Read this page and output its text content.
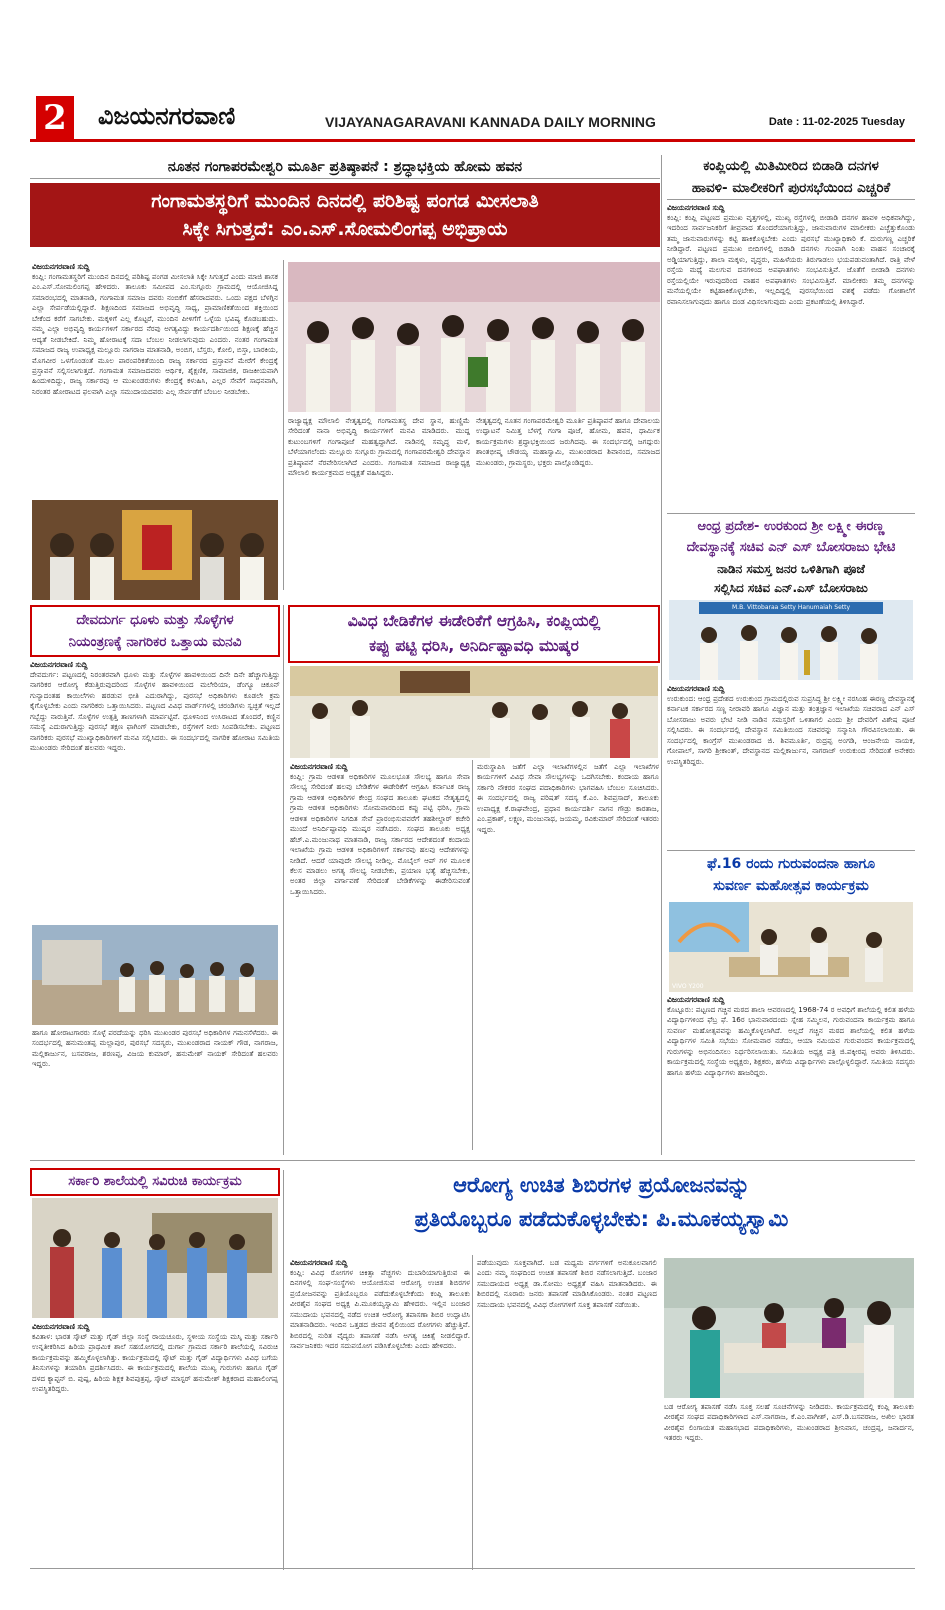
2 ವಿಜಯನಗರವಾಣಿ	VIJAYANAGARAVANI KANNADA DAILY MORNING	Date : 11-02-2025 Tuesday
ನೂತನ ಗಂಗಾಪರಮೇಶ್ವರಿ ಮೂರ್ತಿ ಪ್ರತಿಷ್ಠಾಪನೆ : ಶ್ರದ್ಧಾಭಕ್ತಿಯ ಹೋಮ ಹವನ
ಗಂಗಾಮತಸ್ಥರಿಗೆ ಮುಂದಿನ ದಿನದಲ್ಲಿ ಪರಿಶಿಷ್ಟ ಪಂಗಡ ಮೀಸಲಾತಿ
ಸಿಕ್ಕೇ ಸಿಗುತ್ತದೆ: ಎಂ.ಎಸ್.ಸೋಮಲಿಂಗಪ್ಪ ಅಭಿಪ್ರಾಯ
ವಿಜಯನಗರವಾಣಿ ಸುದ್ದಿ
ಕಂಪ್ಲಿ: ಗಂಗಾಮತಸ್ಥರಿಗೆ ಮುಂದಿನ ದಿನದಲ್ಲಿ ಪರಿಶಿಷ್ಟ ಪಂಗಡ ಮೀಸಲಾತಿ ಸಿಕ್ಕೇ ಸಿಗುತ್ತದೆ ಎಂದು ಮಾಜಿ ಶಾಸಕ ಎಂ.ಎಸ್.ಸೋಮಲಿಂಗಪ್ಪ ಹೇಳಿದರು. ತಾಲೂಕು ಸಮೀಪದ ಎಂ.ಸುಗ್ಗೂರು ಗ್ರಾಮದಲ್ಲಿ ಆಯೋಜಿಸಿದ್ದ ಸಮಾರಂಭದಲ್ಲಿ ಮಾತನಾಡಿ, ಗಂಗಾಮತ ಸಮಾಜ ದವರು ನಂಬಿಕೆಗೆ ಹೆಸರಾದವರು. ಒಂದು ಪಕ್ಷದ ಬೆಳಗ್ಗಿನ ಎಲ್ಲಾ ಸೇರ್ಪಡೆಯಲ್ಲಿದ್ದಾರೆ. ಶಿಕ್ಷಣದಿಂದ ಸಮಾಜದ ಅಭಿವೃದ್ಧಿ ಸಾಧ್ಯ, ಪ್ರಾಮಾಣಿಕತೆಯಿಂದ ಶಕ್ತಿಯಿಂದ ಬೇಕೆಂದ ಕರೆಗೆ ಸಾಗಬೇಕು. ಮಕ್ಕಳಿಗೆ ಎಲ್ಲ ಕೊಟ್ಟರೆ, ಮುಂದಿನ ಪೀಳಿಗೆಗೆ ಒಳ್ಳೆಯ ಭವಿಷ್ಯ ಕೊಡಬಹುದು. ನಮ್ಮ ಎಲ್ಲಾ ಅಭಿವೃದ್ಧಿ ಕಾರ್ಯಗಳಿಗೆ ಸರ್ಕಾರದ ನೆರವು ಅಗತ್ಯವಿದ್ದು ಕಾರ್ಯದರ್ಶಿಯಿಂದ ಶಿಕ್ಷಣಕ್ಕೆ ಹೆಚ್ಚಿನ ಆದ್ಯತೆ ನೀಡಬೇಕಿದೆ. ನಿಮ್ಮ ಹೋರಾಟಕ್ಕೆ ಸದಾ ಬೆಂಬಲ ನೀಡಲಾಗುವುದು ಎಂದರು. ನಂತರ ಗಂಗಾಮತ ಸಮಾಜದ ರಾಜ್ಯ ಉಪಾಧ್ಯಕ್ಷ ಮಲ್ಲೂರು ನಾಗರಾಜ ಮಾತನಾಡಿ, ಅಂಬಿಗ, ಬೆಸ್ತರು, ಕೋಲಿ, ಬಿಸ್ತಾ, ಬಾರಕಿಯ, ಮೊಗವೀರ ಒಳಗೊಂಡಂತೆ ಮೂಲ ಪಾರಂಪರಿಕತೆಯಿಂದಿ ರಾಜ್ಯ ಸರ್ಕಾರದ ಪ್ರಸ್ತಾವನೆ ಮೇರೆಗೆ ಕೇಂದ್ರಕ್ಕೆ ಪ್ರಸ್ತಾವನೆ ಸಲ್ಲಿಸಲಾಗುತ್ತದೆ. ಗಂಗಾಮತ ಸಮಾಜದವರು ಆರ್ಥಿಕ, ಶೈಕ್ಷಣಿಕ, ಸಾಮಾಜಿಕ, ರಾಜಕೀಯವಾಗಿ ಹಿಂದುಳಿದಿದ್ದು, ರಾಜ್ಯ ಸರ್ಕಾರವು ಆ ಮುಖಂಡರುಗಳು ಕೇಂದ್ರಕ್ಕೆ ಕಳುಹಿಸಿ, ಎಲ್ಲರ ಸೇವೆಗೆ ಸಾಧನವಾಗಿ, ನಿರಂತರ ಹೋರಾಟದ ಫಲವಾಗಿ ಎಲ್ಲಾ ಸಮುದಾಯದವರು ಎಲ್ಲ ಸೇರ್ಪಡೆಗೆ ಬೆಂಬಲ ನೀಡಬೇಕು.
ರಾಜ್ಯಾಧ್ಯಕ್ಷ ಮೌಲಾಲಿ ನೇತೃತ್ವದಲ್ಲಿ ಗಂಗಾಮತಸ್ಥ ದೇವ ಸ್ಥಾನ, ಹುಣ್ಣಿಮೆ ಸೇರಿದಂತೆ ನಾನಾ ಅಭಿವೃದ್ಧಿ ಕಾರ್ಯಗಳಿಗೆ ಮನವಿ ಮಾಡಿದರು. ಮುದ್ದ ಕುಟುಂಬಗಳಿಗೆ ಗಂಗಾಪೂಜೆ ಮಹತ್ವದ್ದಾಗಿದೆ. ನಾಡಿನಲ್ಲಿ ಸಮೃದ್ಧ ಮಳೆ, ಬೆಳೆಯಾಗಲೆಂದು ಮಲ್ಲೂರು ಸುಗ್ಗೂರು ಗ್ರಾಮದಲ್ಲಿ ಗಂಗಾಪರಮೇಶ್ವರಿ ದೇವಸ್ಥಾನ ಪ್ರತಿಷ್ಠಾಪನೆ ನೆರವೇರಿಸಲಾಗಿದೆ ಎಂದರು. ಗಂಗಾಮತ ಸಮಾಜದ ರಾಜ್ಯಾಧ್ಯಕ್ಷ ಮೌಲಾಲಿ ಕಾರ್ಯಕ್ರಮದ ಅಧ್ಯಕ್ಷತೆ ವಹಿಸಿದ್ದರು.
ನೇತೃತ್ವದಲ್ಲಿ ನೂತನ ಗಂಗಾಪರಮೇಶ್ವರಿ ಮೂರ್ತಿ ಪ್ರತಿಷ್ಠಾಪನೆ ಹಾಗೂ ದೇವಾಲಯ ಉದ್ಘಾಟನೆ ನಿಮಿತ್ತ ಬೆಳಗ್ಗೆ ಗಂಗಾ ಪೂಜೆ, ಹೋಮ, ಹವನ, ಧಾರ್ಮಿಕ ಕಾರ್ಯಕ್ರಮಗಳು ಶ್ರದ್ಧಾಭಕ್ತಿಯಿಂದ ಜರುಗಿದವು. ಈ ಸಂದರ್ಭದಲ್ಲಿ ಜಗದ್ಗುರು ಶಾಂತಭೀಷ್ಮ ಚೌಡಯ್ಯ ಮಹಾಸ್ವಾಮಿ, ಮುಖಂಡರಾದ ಶಿವಾನಂದ, ಸಮಾಜದ ಮುಖಂಡರು, ಗ್ರಾಮಸ್ಥರು, ಭಕ್ತರು ಪಾಲ್ಗೊಂಡಿದ್ದರು.
ಕಂಪ್ಲಿಯಲ್ಲಿ ಮಿತಿಮೀರಿದ ಬಿಡಾಡಿ ದನಗಳ
ಹಾವಳಿ- ಮಾಲೀಕರಿಗೆ ಪುರಸಭೆಯಿಂದ ಎಚ್ಚರಿಕೆ
ವಿಜಯನಗರವಾಣಿ ಸುದ್ದಿ
ಕಂಪ್ಲಿ: ಕಂಪ್ಲಿ ಪಟ್ಟಣದ ಪ್ರಮುಖ ವೃತ್ತಗಳಲ್ಲಿ, ಮುಖ್ಯ ರಸ್ತೆಗಳಲ್ಲಿ ಬೀಡಾಡಿ ದನಗಳ ಹಾವಳಿ ಅಧಿಕವಾಗಿದ್ದು, ಇದರಿಂದ ಸಾರ್ವಜನಿಕರಿಗೆ ತೀವ್ರವಾದ ತೊಂದರೆಯಾಗುತ್ತಿದ್ದು, ಜಾನುವಾರುಗಳ ಮಾಲೀಕರು ಎಚ್ಚೆತ್ತುಕೊಂಡು ತಮ್ಮ ಜಾನುವಾರುಗಳನ್ನು ಕಟ್ಟಿ ಹಾಕಿಕೊಳ್ಳಬೇಕು ಎಂದು ಪುರಸಭೆ ಮುಖ್ಯಾಧಿಕಾರಿ ಕೆ. ದುರುಗಣ್ಣ ಎಚ್ಚರಿಕೆ ನೀಡಿದ್ದಾರೆ. ಪಟ್ಟಣದ ಪ್ರಮುಖ ಬೀದಿಗಳಲ್ಲಿ ಬಿಡಾಡಿ ದನಗಳು ಗುಂಪಾಗಿ ನಿಂತು ವಾಹನ ಸಂಚಾರಕ್ಕೆ ಅಡ್ಡಿಯಾಗುತ್ತಿದ್ದು, ಶಾಲಾ ಮಕ್ಕಳು, ವೃದ್ಧರು, ಮಹಿಳೆಯರು ತಿರುಗಾಡಲು ಭಯಪಡುವಂತಾಗಿದೆ. ರಾತ್ರಿ ವೇಳೆ ರಸ್ತೆಯ ಮಧ್ಯೆ ಮಲಗುವ ದನಗಳಿಂದ ಅಪಘಾತಗಳು ಸಂಭವಿಸುತ್ತಿವೆ. ಜೊತೆಗೆ ಬೀಡಾಡಿ ದನಗಳು ರಸ್ತೆಯಲ್ಲಿಯೇ ಇರುವುದರಿಂದ ವಾಹನ ಅಪಘಾತಗಳು ಸಂಭವಿಸುತ್ತಿವೆ. ಮಾಲೀಕರು ತಮ್ಮ ದನಗಳನ್ನು ಮನೆಯಲ್ಲಿಯೇ ಕಟ್ಟಿಹಾಕಿಕೊಳ್ಳಬೇಕು, ಇಲ್ಲದಿದ್ದಲ್ಲಿ ಪುರಸಭೆಯಿಂದ ವಶಕ್ಕೆ ಪಡೆದು ಗೋಶಾಲೆಗೆ ರವಾನಿಸಲಾಗುವುದು ಹಾಗೂ ದಂಡ ವಿಧಿಸಲಾಗುವುದು ಎಂದು ಪ್ರಕಟಣೆಯಲ್ಲಿ ತಿಳಿಸಿದ್ದಾರೆ.
ಆಂಧ್ರ ಪ್ರದೇಶ- ಉರಕುಂದ ಶ್ರೀ ಲಕ್ಷ್ಮೀ ಈರಣ್ಣ
ದೇವಸ್ಥಾನಕ್ಕೆ ಸಚಿವ ಎನ್ ಎಸ್ ಬೋಸರಾಜು ಭೇಟಿ
ನಾಡಿನ ಸಮಸ್ತ ಜನರ ಒಳಿತಿಗಾಗಿ ಪೂಜೆ
ಸಲ್ಲಿಸಿದ ಸಚಿವ ಎನ್.ಎಸ್ ಬೋಸರಾಜು
M.B. Vittobaraa Setty Hanumaiah Setty
ವಿಜಯನಗರವಾಣಿ ಸುದ್ದಿ
ಉರುಕುಂದ: ಆಂಧ್ರ ಪ್ರದೇಶದ ಉರುಕುಂದ ಗ್ರಾಮದಲ್ಲಿರುವ ಸುಪ್ರಸಿದ್ಧ ಶ್ರೀ ಲಕ್ಷ್ಮೀ ನರಸಿಂಹ ಈರಣ್ಣ ದೇವಸ್ಥಾನಕ್ಕೆ ಕರ್ನಾಟಕ ಸರ್ಕಾರದ ಸಣ್ಣ ನೀರಾವರಿ ಹಾಗೂ ವಿಜ್ಞಾನ ಮತ್ತು ತಂತ್ರಜ್ಞಾನ ಇಲಾಖೆಯ ಸಚಿವರಾದ ಎನ್ ಎಸ್ ಬೋಸರಾಜು ಅವರು ಭೇಟಿ ನೀಡಿ ನಾಡಿನ ಸಮಸ್ತರಿಗೆ ಒಳಿತಾಗಲಿ ಎಂದು ಶ್ರೀ ದೇವರಿಗೆ ವಿಶೇಷ ಪೂಜೆ ಸಲ್ಲಿಸಿದರು. ಈ ಸಂದರ್ಭದಲ್ಲಿ ದೇವಸ್ಥಾನ ಸಮಿತಿಯಿಂದ ಸಚಿವರನ್ನು ಸನ್ಮಾನಿಸಿ ಗೌರವಿಸಲಾಯಿತು. ಈ ಸಂದರ್ಭದಲ್ಲಿ ಕಾಂಗ್ರೆಸ್ ಮುಖಂಡರಾದ ಜಿ. ಶಿವಮೂರ್ತಿ, ರುದ್ರಪ್ಪ ಅಂಗಡಿ, ಆಂಜನೇಯ ನಾಯಕ, ಗೋಪಾಲ್, ಸಾಗರಿ ಶ್ರೀಕಾಂತ್, ದೇವಸ್ಥಾನದ ಮಲ್ಲಿಕಾರ್ಜುನ, ನಾಗರಾಜ್ ಉರುಕುಂದ ಸೇರಿದಂತೆ ಅನೇಕರು ಉಪಸ್ಥಿತರಿದ್ದರು.
ಫೆ.16 ರಂದು ಗುರುವಂದನಾ ಹಾಗೂ
ಸುವರ್ಣ ಮಹೋತ್ಸವ ಕಾರ್ಯಕ್ರಮ
VIVO Y200
ವಿಜಯನಗರವಾಣಿ ಸುದ್ದಿ
ಕೊಟ್ಟೂರು: ಪಟ್ಟಣದ ಗಚ್ಚಿನ ಮಠದ ಶಾಲಾ ಆವರಣದಲ್ಲಿ 1968-74 ರ ಅವಧಿಗೆ ಶಾಲೆಯಲ್ಲಿ ಕಲಿತ ಹಳೆಯ ವಿದ್ಯಾರ್ಥಿಗಳಿಂದ ಫೆಬ್ರ ಫೆ. 16ರ ಭಾನುವಾರದಂದು ಸ್ನೇಹ ಸಮ್ಮಿಲನ, ಗುರುವಂದನಾ ಕಾರ್ಯಕ್ರಮ ಹಾಗೂ ಸುವರ್ಣ ಮಹೋತ್ಸವವನ್ನು ಹಮ್ಮಿಕೊಳ್ಳಲಾಗಿದೆ. ಅಲ್ಲದೆ ಗಚ್ಚಿನ ಮಠದ ಶಾಲೆಯಲ್ಲಿ ಕಲಿತ ಹಳೆಯ ವಿದ್ಯಾರ್ಥಿಗಳ ಸಮಿತಿ ಸಭೆಯು ಸೋಮವಾರ ನಡೆದು, ಆಯಾ ನಮಿಯವ ಗುರುವಂದನ ಕಾರ್ಯಕ್ರಮದಲ್ಲಿ ಗುರುಗಳನ್ನು ಅಭಿನಂದಿಸಲು ನಿರ್ಧರಿಸಲಾಯಿತು. ಸಮಿತಿಯ ಅಧ್ಯಕ್ಷ ಪತ್ರಿ ಜಿ.ಪಕ್ಕೀರಪ್ಪ ಅವರು ತಿಳಿಸಿದರು. ಕಾರ್ಯಕ್ರಮದಲ್ಲಿ ಸಂಸ್ಥೆಯ ಅಧ್ಯಕ್ಷರು, ಶಿಕ್ಷಕರು, ಹಳೆಯ ವಿದ್ಯಾರ್ಥಿಗಳು ಪಾಲ್ಗೊಳ್ಳಲಿದ್ದಾರೆ. ಸಮಿತಿಯ ಸದಸ್ಯರು ಹಾಗೂ ಹಳೆಯ ವಿದ್ಯಾರ್ಥಿಗಳು ಹಾಜರಿದ್ದರು.
ದೇವದುರ್ಗ ಧೂಳು ಮತ್ತು ಸೊಳ್ಳೆಗಳ
ನಿಯಂತ್ರಣಕ್ಕೆ ನಾಗರಿಕರ ಒತ್ತಾಯ ಮನವಿ
ವಿಜಯನಗರವಾಣಿ ಸುದ್ದಿ
ದೇವದುರ್ಗ: ಪಟ್ಟಣದಲ್ಲಿ ನಿರಂತರವಾಗಿ ಧೂಳು ಮತ್ತು ಸೊಳ್ಳೆಗಳ ಹಾವಳಿಯಿಂದ ದಿನೇ ದಿನೇ ಹೆಚ್ಚಾಗುತ್ತಿದ್ದು ನಾಗರಿಕರ ಆರೋಗ್ಯ ಕೆಡುತ್ತಿರುವುದರಿಂದ ಸೊಳ್ಳೆಗಳ ಹಾವಳಿಯಿಂದ ಮಲೇರಿಯಾ, ಡೆಂಗ್ಯೂ ಚಿಕೂನ್ ಗುನ್ಯಾದಂತಹ ಕಾಯಿಲೆಗಳು ಹರಡುವ ಭೀತಿ ಎದುರಾಗಿದ್ದು, ಪುರಸಭೆ ಅಧಿಕಾರಿಗಳು ಕೂಡಲೇ ಕ್ರಮ ಕೈಗೊಳ್ಳಬೇಕು ಎಂದು ನಾಗರಿಕರು ಒತ್ತಾಯಿಸಿದರು. ಪಟ್ಟಣದ ವಿವಿಧ ವಾರ್ಡ್‌ಗಳಲ್ಲಿ ಚರಂಡಿಗಳು ಸ್ವಚ್ಛತೆ ಇಲ್ಲದೆ ಗಬ್ಬೆದ್ದು ನಾರುತ್ತಿವೆ. ಸೊಳ್ಳೆಗಳ ಉತ್ಪತ್ತಿ ತಾಣಗಳಾಗಿ ಮಾರ್ಪಟ್ಟಿವೆ. ಧೂಳಿನಿಂದ ಉಸಿರಾಟದ ತೊಂದರೆ, ಕಣ್ಣಿನ ಸಮಸ್ಯೆ ಎದುರಾಗುತ್ತಿದ್ದು ಪುರಸಭೆ ತಕ್ಷಣ ಫಾಗಿಂಗ್ ಮಾಡಬೇಕು, ರಸ್ತೆಗಳಿಗೆ ನೀರು ಸಿಂಪಡಿಸಬೇಕು. ಪಟ್ಟಣದ ನಾಗರಿಕರು ಪುರಸಭೆ ಮುಖ್ಯಾಧಿಕಾರಿಗಳಿಗೆ ಮನವಿ ಸಲ್ಲಿಸಿದರು. ಈ ಸಂದರ್ಭದಲ್ಲಿ ನಾಗರಿಕ ಹೋರಾಟ ಸಮಿತಿಯ ಮುಖಂಡರು ಸೇರಿದಂತೆ ಹಲವರು ಇದ್ದರು.
ಹಾಗೂ ಹೋರಾಟಗಾರರು ಸೊಳ್ಳೆ ಪರದೆಯನ್ನು ಧರಿಸಿ ಮುಖಂಡರ ಪುರಸಭೆ ಅಧಿಕಾರಿಗಳ ಗಮನಸೆಳೆದರು. ಈ ಸಂದರ್ಭದಲ್ಲಿ ಹನುಮಂತಪ್ಪ ಮಲ್ಲಾಪುರ, ಪುರಸಭೆ ಸದಸ್ಯರು, ಮುಖಂಡರಾದ ನಾಯಕ್ ಗೌಡ, ನಾಗರಾಜ, ಮಲ್ಲಿಕಾರ್ಜುನ, ಬಸವರಾಜ, ಶರಣಪ್ಪ, ವಿಜಯ ಕುಮಾರ್, ಹನುಮೇಶ್ ನಾಯಕ್ ಸೇರಿದಂತೆ ಹಲವರು ಇದ್ದರು.
ವಿವಿಧ ಬೇಡಿಕೆಗಳ ಈಡೇರಿಕೆಗೆ ಆಗ್ರಹಿಸಿ, ಕಂಪ್ಲಿಯಲ್ಲಿ
ಕಪ್ಪು ಪಟ್ಟಿ ಧರಿಸಿ, ಅನಿರ್ದಿಷ್ಟಾವಧಿ ಮುಷ್ಕರ
ವಿಜಯನಗರವಾಣಿ ಸುದ್ದಿ
ಕಂಪ್ಲಿ: ಗ್ರಾಮ ಆಡಳಿತ ಅಧಿಕಾರಿಗಳ ಮೂಲಭೂತ ಸೌಲಭ್ಯ ಹಾಗೂ ಸೇವಾ ಸೌಲಭ್ಯ ಸೇರಿದಂತೆ ಹಲವು ಬೇಡಿಕೆಗಳ ಈಡೇರಿಕೆಗೆ ಆಗ್ರಹಿಸಿ ಕರ್ನಾಟಕ ರಾಜ್ಯ ಗ್ರಾಮ ಆಡಳಿತ ಅಧಿಕಾರಿಗಳ ಕೇಂದ್ರ ಸಂಘದ ತಾಲೂಕು ಘಟಕದ ನೇತೃತ್ವದಲ್ಲಿ ಗ್ರಾಮ ಆಡಳಿತ ಅಧಿಕಾರಿಗಳು ಸೋಮವಾರದಿಂದ ಕಪ್ಪು ಪಟ್ಟಿ ಧರಿಸಿ, ಗ್ರಾಮ ಆಡಳಿತ ಅಧಿಕಾರಿಗಳ ನಿಗದಿತ ಸೇವೆ ಪ್ರಾರಂಭಿಸುವವರೆಗೆ ತಹಶೀಲ್ದಾರ್ ಕಚೇರಿ ಮುಂದೆ ಅನಿರ್ದಿಷ್ಟಾವಧಿ ಮುಷ್ಕರ ನಡೆಸಿದರು. ಸಂಘದ ತಾಲೂಕು ಅಧ್ಯಕ್ಷ ಹೆಚ್.ಎ.ಮಂಜುನಾಥ ಮಾತನಾಡಿ, ರಾಜ್ಯ ಸರ್ಕಾರದ ಆದೇಶದಂತೆ ಕಂದಾಯ ಇಲಾಖೆಯ ಗ್ರಾಮ ಆಡಳಿತ ಅಧಿಕಾರಿಗಳಿಗೆ ಸರ್ಕಾರವು ಹಲವು ಆದೇಶಗಳನ್ನು ನೀಡಿದೆ. ಆದರೆ ಯಾವುದೇ ಸೌಲಭ್ಯ ನೀಡಿಲ್ಲ. ಮೊಬೈಲ್ ಆಪ್ ಗಳ ಮೂಲಕ ಕೆಲಸ ಮಾಡಲು ಅಗತ್ಯ ಸೌಲಭ್ಯ ನೀಡಬೇಕು, ಪ್ರಯಾಣ ಭತ್ಯೆ ಹೆಚ್ಚಿಸಬೇಕು, ಅಂತರ ಜಿಲ್ಲಾ ವರ್ಗಾವಣೆ ಸೇರಿದಂತೆ ಬೇಡಿಕೆಗಳನ್ನು ಈಡೇರಿಸುವಂತೆ ಒತ್ತಾಯಿಸಿದರು.
ಮರುಸ್ಥಾಪಿಸಿ ಜತೆಗೆ ಎಲ್ಲಾ ಇಲಾಖೆಗಳಲ್ಲಿನ ಜತೆಗೆ ಎಲ್ಲಾ ಇಲಾಖೆಗಳ ಕಾರ್ಯಗಳಿಗೆ ವಿವಿಧ ಸೇವಾ ಸೌಲಭ್ಯಗಳನ್ನು ಒದಗಿಸಬೇಕು. ಕಂದಾಯ ಹಾಗೂ ಸರ್ಕಾರಿ ನೌಕರರ ಸಂಘದ ಪದಾಧಿಕಾರಿಗಳು ಭಾಗವಹಿಸಿ ಬೆಂಬಲ ಸೂಚಿಸಿದರು. ಈ ಸಂದರ್ಭದಲ್ಲಿ ರಾಜ್ಯ ಪರಿಷತ್ ಸದಸ್ಯ ಕೆ.ಎಂ. ಶಿವಪ್ರಸಾದ್, ತಾಲೂಕು ಉಪಾಧ್ಯಕ್ಷ ಕೆ.ರಾಘವೇಂದ್ರ, ಪ್ರಧಾನ ಕಾರ್ಯದರ್ಶಿ ನಾಗನ ಗೌಡ್ರು ಕಾರತಾಜ, ಎಂ.ಪ್ರಕಾಶ್, ಲಕ್ಷ್ಮಣ, ಮಂಜುನಾಥ, ಜಯಮ್ಮ, ರವಿಕುಮಾರ್ ಸೇರಿದಂತೆ ಇತರರು ಇದ್ದರು.
ಸರ್ಕಾರಿ ಶಾಲೆಯಲ್ಲಿ ಸವಿರುಚಿ ಕಾರ್ಯಕ್ರಮ
ವಿಜಯನಗರವಾಣಿ ಸುದ್ದಿ
ಕವಿತಾಳ: ಭಾರತ ಸ್ಕೌಟ್ ಮತ್ತು ಗೈಡ್ ಜಿಲ್ಲಾ ಸಂಸ್ಥೆ ರಾಯಚೂರು, ಸ್ಥಳೀಯ ಸಂಸ್ಥೆಯ ಮಸ್ಕಿ ಮತ್ತು ಸರ್ಕಾರಿ ಉನ್ನತೀಕರಿಸಿದ ಹಿರಿಯ ಪ್ರಾಥಮಿಕ ಶಾಲೆ ಸಹಯೋಗದಲ್ಲಿ ದುರ್ಗಾ ಗ್ರಾಮದ ಸರ್ಕಾರಿ ಶಾಲೆಯಲ್ಲಿ ಸವಿರುಚಿ ಕಾರ್ಯಕ್ರಮವನ್ನು ಹಮ್ಮಿಕೊಳ್ಳಲಾಗಿತ್ತು. ಕಾರ್ಯಕ್ರಮದಲ್ಲಿ ಸ್ಕೌಟ್ ಮತ್ತು ಗೈಡ್ ವಿದ್ಯಾರ್ಥಿಗಳು ವಿವಿಧ ಬಗೆಯ ತಿನಿಸುಗಳನ್ನು ತಯಾರಿಸಿ ಪ್ರದರ್ಶಿಸಿದರು. ಈ ಕಾರ್ಯಕ್ರಮದಲ್ಲಿ ಶಾಲೆಯ ಮುಖ್ಯ ಗುರುಗಳು ಹಾಗೂ ಗೈಡ್ ದಳದ ಕ್ಯಾಪ್ಟನ್ ಬಿ. ಪುಷ್ಪ, ಹಿರಿಯ ಶಿಕ್ಷಕ ಶಿವಪುತ್ರಪ್ಪ, ಸ್ಕೌಟ್ ಮಾಸ್ಟರ್ ಹನುಮೇಶ್ ಶಿಕ್ಷಕರಾದ ಮಹಾಲಿಂಗಪ್ಪ ಉಪಸ್ಥಿತರಿದ್ದರು.
ಆರೋಗ್ಯ ಉಚಿತ ಶಿಬಿರಗಳ ಪ್ರಯೋಜನವನ್ನು
ಪ್ರತಿಯೊಬ್ಬರೂ ಪಡೆದುಕೊಳ್ಳಬೇಕು: ಪಿ.ಮೂಕಯ್ಯಸ್ವಾಮಿ
ವಿಜಯನಗರವಾಣಿ ಸುದ್ದಿ
ಕಂಪ್ಲಿ: ವಿವಿಧ ರೋಗಗಳ ಚಿಕಿತ್ಸಾ ವೆಚ್ಚಗಳು ದುಬಾರಿಯಾಗುತ್ತಿರುವ ಈ ದಿನಗಳಲ್ಲಿ ಸಂಘ-ಸಂಸ್ಥೆಗಳು ಆಯೋಜಿಸುವ ಆರೋಗ್ಯ ಉಚಿತ ಶಿಬಿರಗಳ ಪ್ರಯೋಜನವನ್ನು ಪ್ರತಿಯೊಬ್ಬರೂ ಪಡೆದುಕೊಳ್ಳಬೇಕೆಂದು ಕಂಪ್ಲಿ ತಾಲೂಕು ವೀರಶೈವ ಸಂಘದ ಅಧ್ಯಕ್ಷ ಪಿ.ಮೂಕಯ್ಯಸ್ವಾಮಿ ಹೇಳಿದರು. ಇಲ್ಲಿನ ಬಂಜಾರ ಸಮುದಾಯ ಭವನದಲ್ಲಿ ನಡೆದ ಉಚಿತ ಆರೋಗ್ಯ ತಪಾಸಣಾ ಶಿಬಿರ ಉದ್ಘಾಟಿಸಿ ಮಾತನಾಡಿದರು. ಇಂದಿನ ಒತ್ತಡದ ಜೀವನ ಶೈಲಿಯಿಂದ ರೋಗಗಳು ಹೆಚ್ಚುತ್ತಿವೆ. ಶಿಬಿರದಲ್ಲಿ ನುರಿತ ವೈದ್ಯರು ತಪಾಸಣೆ ನಡೆಸಿ ಅಗತ್ಯ ಚಿಕಿತ್ಸೆ ನೀಡಲಿದ್ದಾರೆ. ಸಾರ್ವಜನಿಕರು ಇದರ ಸದುಪಯೋಗ ಪಡಿಸಿಕೊಳ್ಳಬೇಕು ಎಂದು ಹೇಳಿದರು.
ಪಡೆಯುವುದು ಸೂಕ್ತವಾಗಿದೆ. ಬಡ ಮಧ್ಯಮ ವರ್ಗಗಳಿಗೆ ಅನುಕೂಲವಾಗಲಿ ಎಂದು ನಮ್ಮ ಸಂಘದಿಂದ ಉಚಿತ ತಪಾಸಣೆ ಶಿಬಿರ ನಡೆಸಲಾಗುತ್ತಿದೆ. ಬಂಜಾರ ಸಮುದಾಯದ ಅಧ್ಯಕ್ಷ ಡಾ.ಸೋಮು ಅಧ್ಯಕ್ಷತೆ ವಹಿಸಿ ಮಾತನಾಡಿದರು. ಈ ಶಿಬಿರದಲ್ಲಿ ನೂರಾರು ಜನರು ತಪಾಸಣೆ ಮಾಡಿಸಿಕೊಂಡರು. ನಂತರ ಪಟ್ಟಣದ ಸಮುದಾಯ ಭವನದಲ್ಲಿ ವಿವಿಧ ರೋಗಗಳಿಗೆ ಸೂಕ್ತ ತಪಾಸಣೆ ನಡೆಯಿತು.
ಬಡ ಆರೋಗ್ಯ ತಪಾಸಣೆ ನಡೆಸಿ ಸೂಕ್ತ ಸಲಹೆ ಸೂಚನೆಗಳನ್ನು ನೀಡಿದರು. ಕಾರ್ಯಕ್ರಮದಲ್ಲಿ ಕಂಪ್ಲಿ ತಾಲೂಕು ವೀರಶೈವ ಸಂಘದ ಪದಾಧಿಕಾರಿಗಳಾದ ಎಸ್.ನಾಗರಾಜ, ಕೆ.ಎಂ.ವಾಗೀಶ್, ಎಸ್.ಡಿ.ಬಸವರಾಜ, ಅಖಿಲ ಭಾರತ ವೀರಶೈವ ಲಿಂಗಾಯತ ಮಹಾಸಭಾದ ಪದಾಧಿಕಾರಿಗಳು, ಮುಖಂಡರಾದ ಶ್ರೀನಿವಾಸ, ಚಂದ್ರಪ್ಪ, ಜನಾರ್ದನ, ಇತರರು ಇದ್ದರು.
